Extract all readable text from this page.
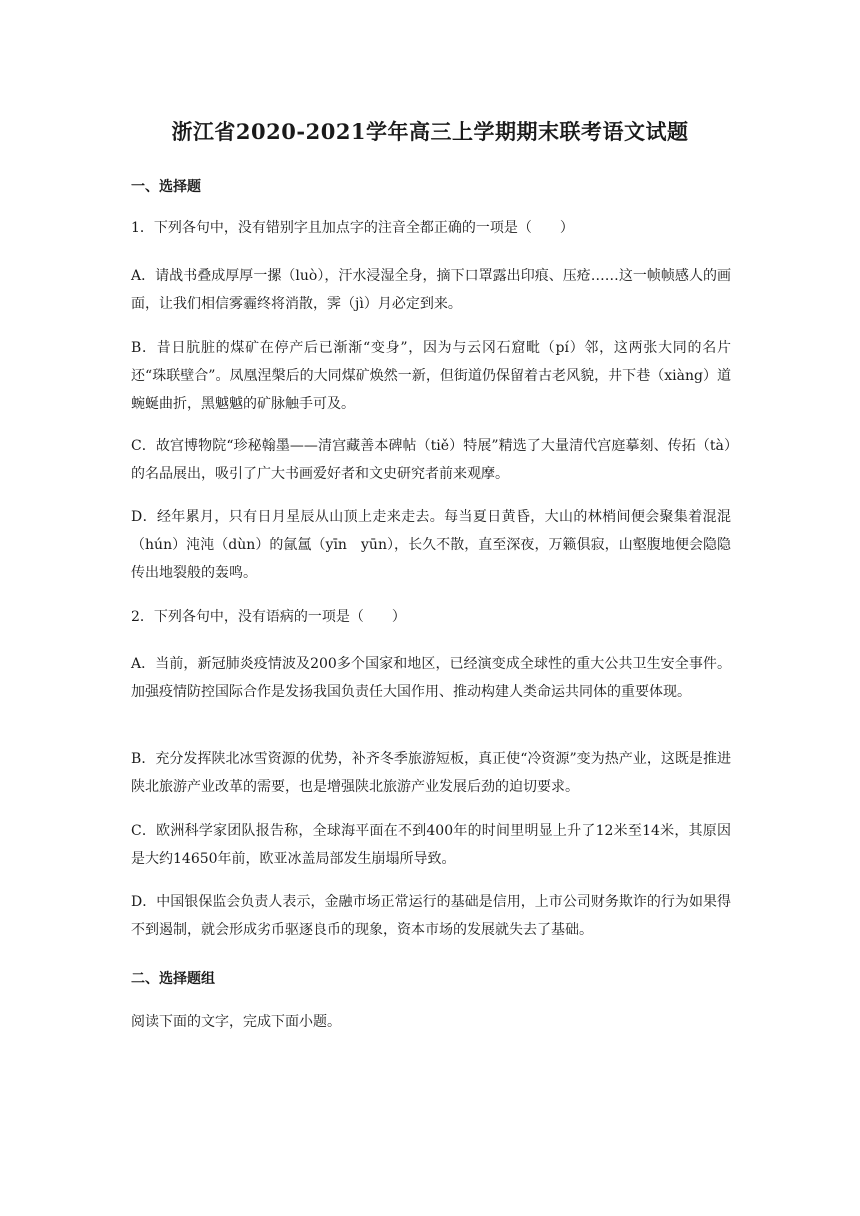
浙江省2020-2021学年高三上学期期末联考语文试题
一、选择题
1．下列各句中，没有错别字且加点字的注音全都正确的一项是（　　）
A．请战书叠成厚厚一摞（luò），汗水浸湿全身，摘下口罩露出印痕、压疮……这一帧帧感人的画面，让我们相信雾霾终将消散，霁（jì）月必定到来。
B．昔日肮脏的煤矿在停产后已渐渐“变身”，因为与云冈石窟毗（pí）邻，这两张大同的名片还“珠联壁合”。凤凰涅槃后的大同煤矿焕然一新，但街道仍保留着古老风貌，井下巷（xiàng）道蜿蜒曲折，黑魆魆的矿脉触手可及。
C．故宫博物院“珍秘翰墨——清宫藏善本碑帖（tiě）特展”精选了大量清代宫庭摹刻、传拓（tà）的名品展出，吸引了广大书画爱好者和文史研究者前来观摩。
D．经年累月，只有日月星辰从山顶上走来走去。每当夏日黄昏，大山的林梢间便会聚集着混混（hún）沌沌（dùn）的氤氲（yīn　yūn），长久不散，直至深夜，万籁俱寂，山壑腹地便会隐隐传出地裂般的轰鸣。
2．下列各句中，没有语病的一项是（　　）
A．当前，新冠肺炎疫情波及200多个国家和地区，已经演变成全球性的重大公共卫生安全事件。加强疫情防控国际合作是发扬我国负责任大国作用、推动构建人类命运共同体的重要体现。
B．充分发挥陕北冰雪资源的优势，补齐冬季旅游短板，真正使“冷资源”变为热产业，这既是推进陕北旅游产业改革的需要，也是增强陕北旅游产业发展后劲的迫切要求。
C．欧洲科学家团队报告称，全球海平面在不到400年的时间里明显上升了12米至14米，其原因是大约14650年前，欧亚冰盖局部发生崩塌所导致。
D．中国银保监会负责人表示，金融市场正常运行的基础是信用，上市公司财务欺诈的行为如果得不到遏制，就会形成劣币驱逐良币的现象，资本市场的发展就失去了基础。
二、选择题组
阅读下面的文字，完成下面小题。
